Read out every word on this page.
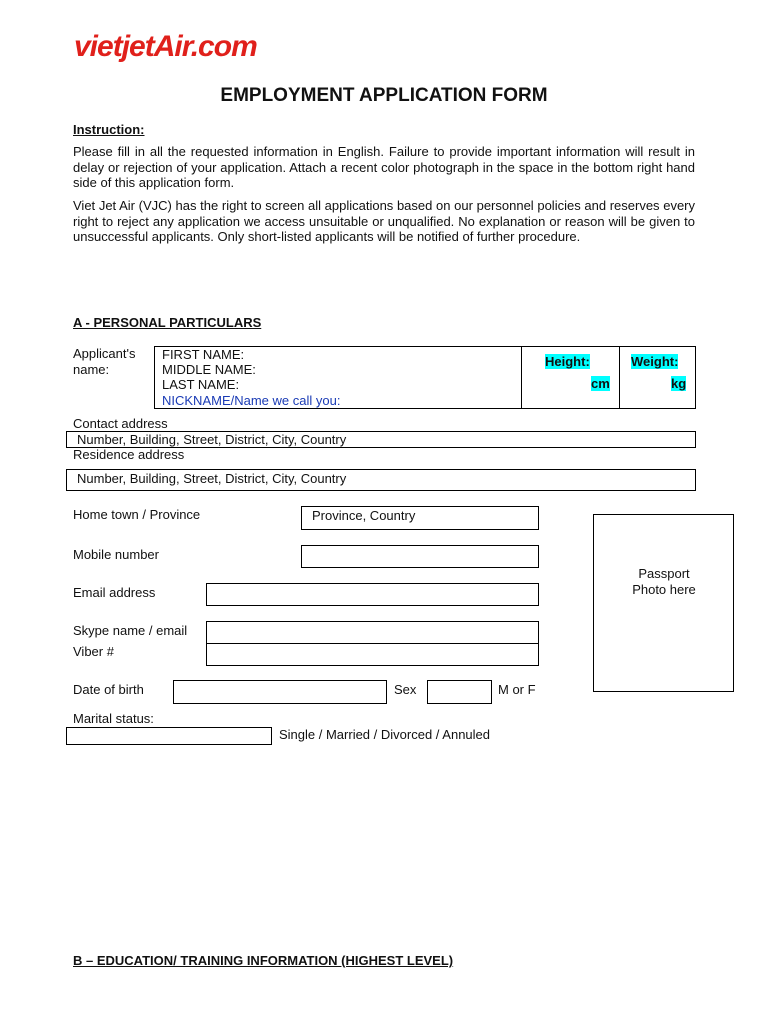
vietjetAir.com
EMPLOYMENT APPLICATION FORM
Instruction:
Please fill in all the requested information in English. Failure to provide important information will result in delay or rejection of your application. Attach a recent color photograph in the space in the bottom right hand side of this application form.
Viet Jet Air (VJC) has the right to screen all applications based on our personnel policies and reserves every right to reject any application we access unsuitable or unqualified. No explanation or reason will be given to unsuccessful applicants. Only short-listed applicants will be notified of further procedure.
A - PERSONAL PARTICULARS
Applicant's name:
FIRST NAME:
MIDDLE NAME:
LAST NAME:
NICKNAME/Name we call you:
Height:
cm
Weight:
kg
Contact address
Number, Building, Street, District, City, Country
Residence address
Number, Building, Street, District, City, Country
Home town / Province	Province, Country
Mobile number
Email address
Skype name / email
Viber #
Date of birth	Sex	M or F
Marital status:
Single / Married / Divorced / Annuled
Passport Photo here
B – EDUCATION/ TRAINING INFORMATION (HIGHEST LEVEL)
